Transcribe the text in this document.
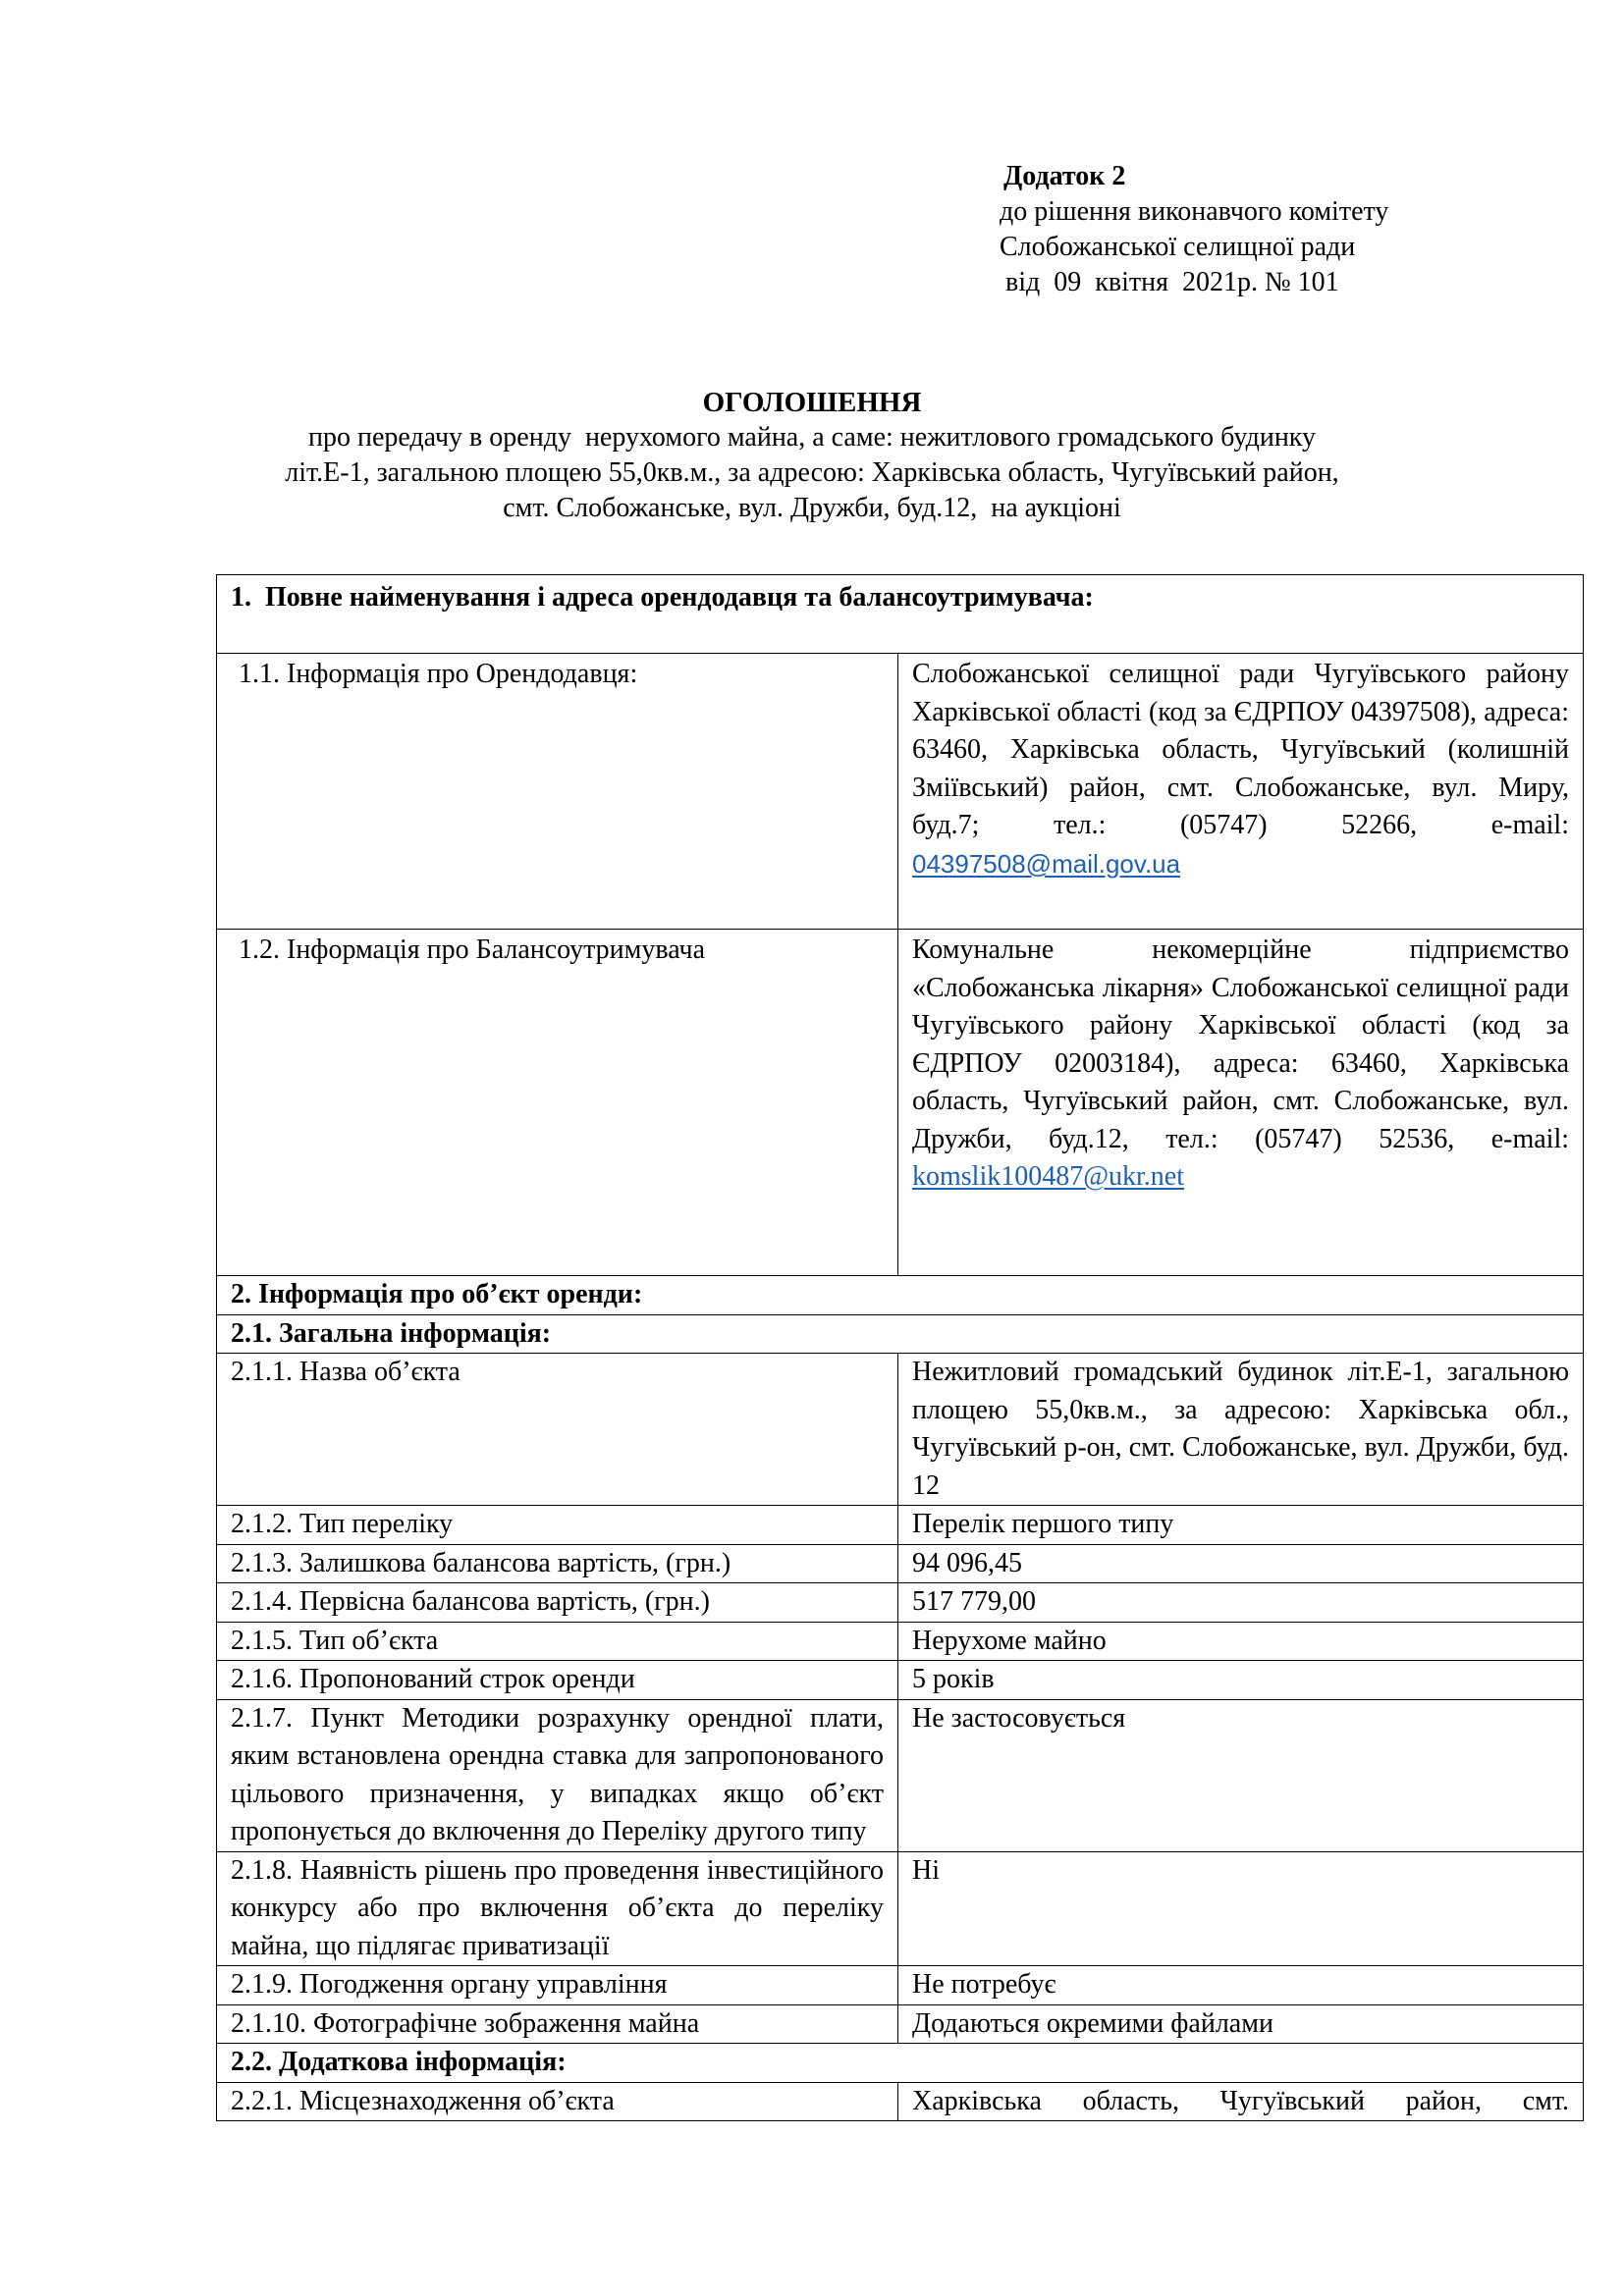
Додаток 2
до рішення виконавчого комітету
Слобожанської селищної ради
від  09  квітня  2021р. № 101
ОГОЛОШЕННЯ
про передачу в оренду  нерухомого майна, а саме: нежитлового громадського будинку
літ.Е-1, загальною площею 55,0кв.м., за адресою: Харківська область, Чугуївський район,
смт. Слобожанське, вул. Дружби, буд.12,  на аукціоні
1.  Повне найменування і адреса орендодавця та балансоутримувача:	
1.1. Інформація про Орендодавця:	Слобожанської селищної ради Чугуївського району Харківської області (код за ЄДРПОУ 04397508), адреса: 63460, Харківська область, Чугуївський (колишній Зміївський) район, смт. Слобожанське, вул. Миру, буд.7; тел.: (05747) 52266, e-mail: 04397508@mail.gov.ua
1.2. Інформація про Балансоутримувача	Комунальне некомерційне підприємство «Слобожанська лікарня» Слобожанської селищної ради Чугуївського району Харківської області (код за ЄДРПОУ 02003184), адреса: 63460, Харківська область, Чугуївський район, смт. Слобожанське, вул. Дружби, буд.12, тел.: (05747) 52536, e-mail: komslik100487@ukr.net
2. Інформація про об’єкт оренди:	
2.1. Загальна інформація:	
2.1.1. Назва об’єкта	Нежитловий громадський будинок літ.Е-1, загальною площею 55,0кв.м., за адресою: Харківська обл., Чугуївський р-он, смт. Слобожанське, вул. Дружби, буд. 12
2.1.2. Тип переліку	Перелік першого типу
2.1.3. Залишкова балансова вартість, (грн.)	94 096,45
2.1.4. Первісна балансова вартість, (грн.)	517 779,00
2.1.5. Тип об’єкта	Нерухоме майно
2.1.6. Пропонований строк оренди	5 років
2.1.7. Пункт Методики розрахунку орендної плати, яким встановлена орендна ставка для запропонованого цільового призначення, у випадках якщо об’єкт пропонується до включення до Переліку другого типу	Не застосовується
2.1.8. Наявність рішень про проведення інвестиційного конкурсу або про включення об’єкта до переліку майна, що підлягає приватизації	Ні
2.1.9. Погодження органу управління	Не потребує
2.1.10. Фотографічне зображення майна	Додаються окремими файлами
2.2. Додаткова інформація:	
2.2.1. Місцезнаходження об’єкта	Харківська область, Чугуївський район, смт.
